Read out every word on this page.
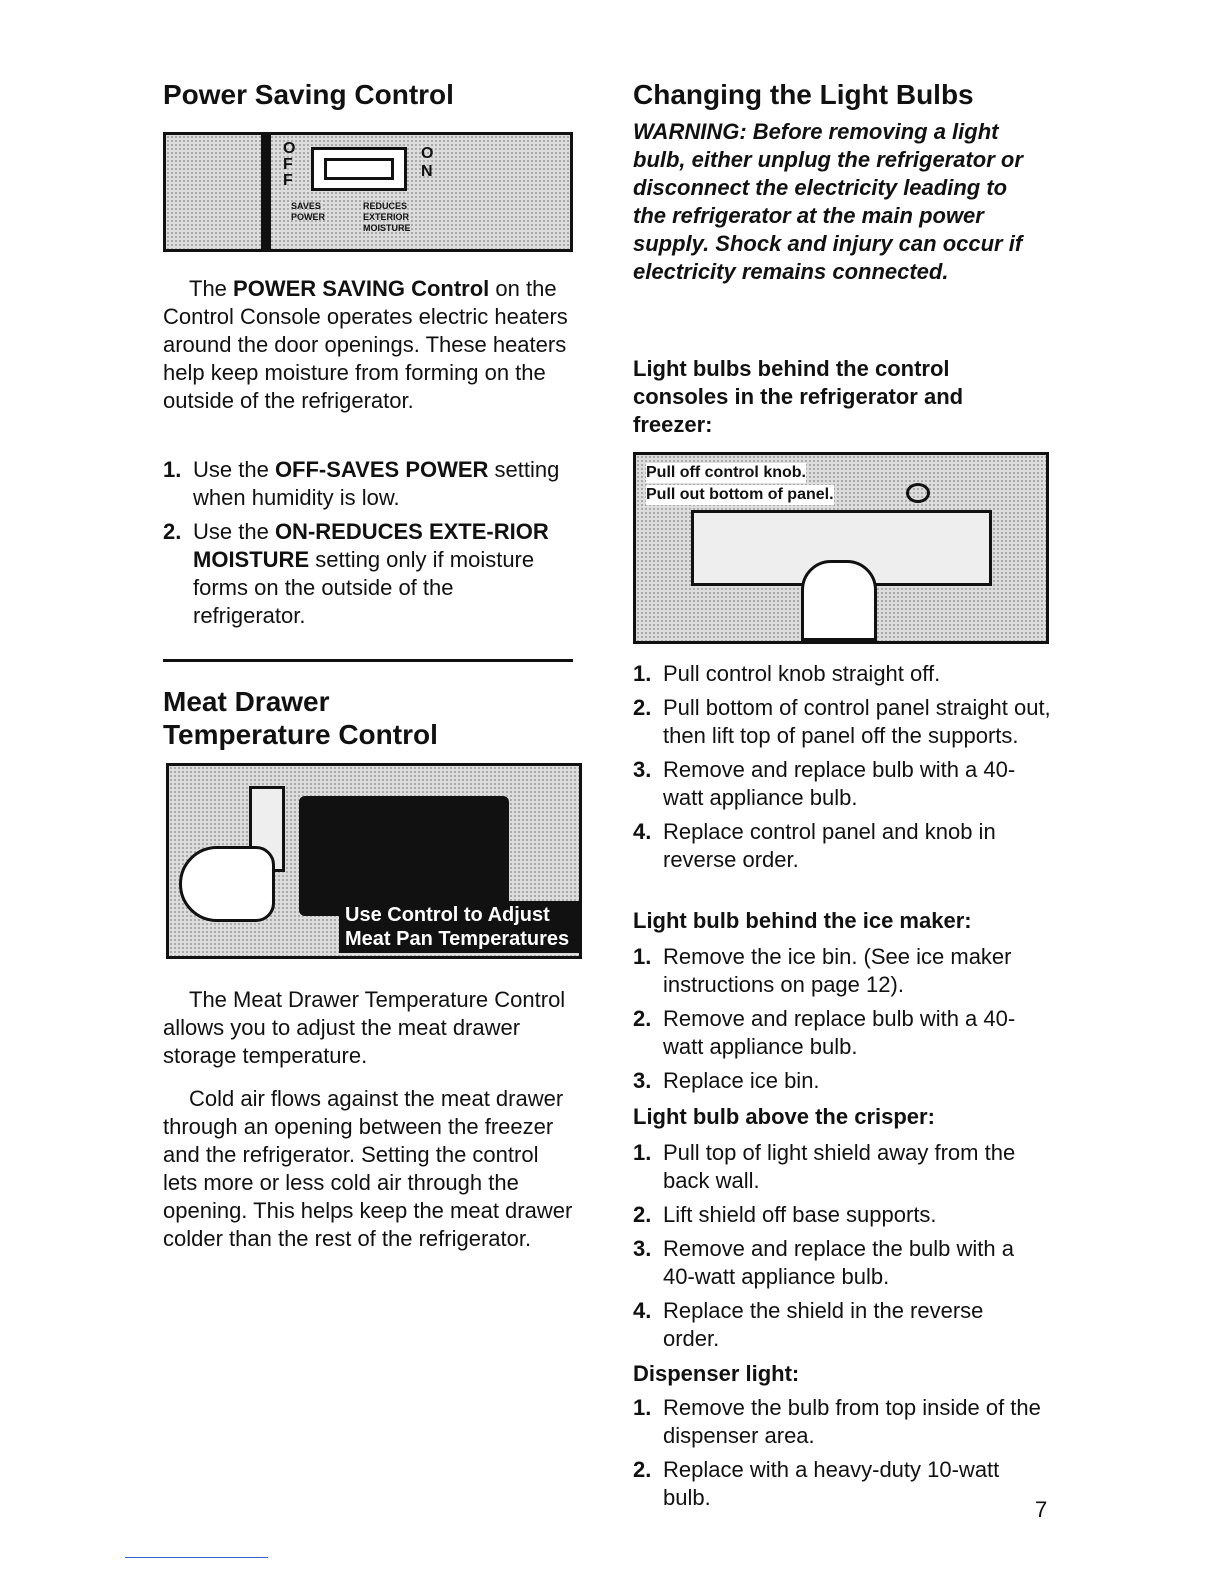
Power Saving Control
OFF
ON
SAVES POWER
REDUCES EXTERIOR MOISTURE

The POWER SAVING Control on the Control Console operates electric heaters around the door openings. These heaters help keep moisture from forming on the outside of the refrigerator.

1. Use the OFF-SAVES POWER setting when humidity is low.
2. Use the ON-REDUCES EXTE-RIOR MOISTURE setting only if moisture forms on the outside of the refrigerator.
Meat Drawer
Temperature Control
Use Control to Adjust
Meat Pan Temperatures

The Meat Drawer Temperature Control allows you to adjust the meat drawer storage temperature.

Cold air flows against the meat drawer through an opening between the freezer and the refrigerator. Setting the control lets more or less cold air through the opening. This helps keep the meat drawer colder than the rest of the refrigerator.

Changing the Light Bulbs
WARNING: Before removing a light bulb, either unplug the refrigerator or disconnect the electricity leading to the refrigerator at the main power supply. Shock and injury can occur if electricity remains connected.
Light bulbs behind the control consoles in the refrigerator and freezer:
Pull off control knob.
Pull out bottom of panel.
1. Pull control knob straight off.
2. Pull bottom of control panel straight out, then lift top of panel off the supports.
3. Remove and replace bulb with a 40-watt appliance bulb.
4. Replace control panel and knob in reverse order.
Light bulb behind the ice maker:
1. Remove the ice bin. (See ice maker instructions on page 12).
2. Remove and replace bulb with a 40-watt appliance bulb.
3. Replace ice bin.
Light bulb above the crisper:
1. Pull top of light shield away from the back wall.
2. Lift shield off base supports.
3. Remove and replace the bulb with a 40-watt appliance bulb.
4. Replace the shield in the reverse order.
Dispenser light:
1. Remove the bulb from top inside of the dispenser area.
2. Replace with a heavy-duty 10-watt bulb.	7
